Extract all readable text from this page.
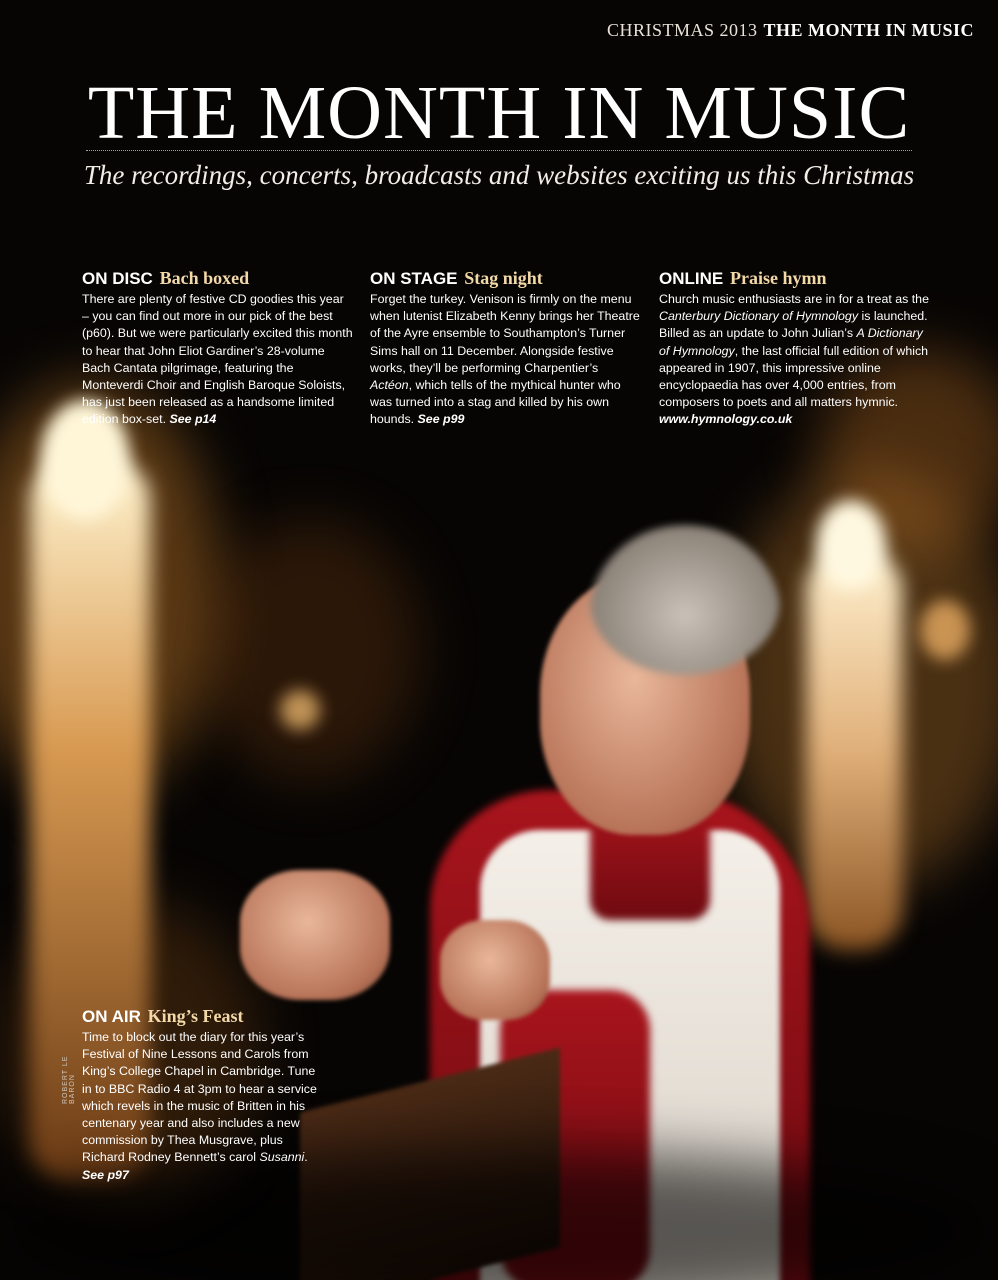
CHRISTMAS 2013 THE MONTH IN MUSIC
THE MONTH IN MUSIC
The recordings, concerts, broadcasts and websites exciting us this Christmas
ON DISC Bach boxed

There are plenty of festive CD goodies this year – you can find out more in our pick of the best (p60). But we were particularly excited this month to hear that John Eliot Gardiner’s 28-volume Bach Cantata pilgrimage, featuring the Monteverdi Choir and English Baroque Soloists, has just been released as a handsome limited edition box-set. See p14

ON STAGE Stag night

Forget the turkey. Venison is firmly on the menu when lutenist Elizabeth Kenny brings her Theatre of the Ayre ensemble to Southampton’s Turner Sims hall on 11 December. Alongside festive works, they’ll be performing Charpentier’s Actéon, which tells of the mythical hunter who was turned into a stag and killed by his own hounds. See p99

ONLINE Praise hymn

Church music enthusiasts are in for a treat as the Canterbury Dictionary of Hymnology is launched. Billed as an update to John Julian’s A Dictionary of Hymnology, the last official full edition of which appeared in 1907, this impressive online encyclopaedia has over 4,000 entries, from composers to poets and all matters hymnic. www.hymnology.co.uk

ON AIR King’s Feast

Time to block out the diary for this year’s Festival of Nine Lessons and Carols from King’s College Chapel in Cambridge. Tune in to BBC Radio 4 at 3pm to hear a service which revels in the music of Britten in his centenary year and also includes a new commission by Thea Musgrave, plus Richard Rodney Bennett’s carol Susanni. See p97

ROBERT LE BARON
